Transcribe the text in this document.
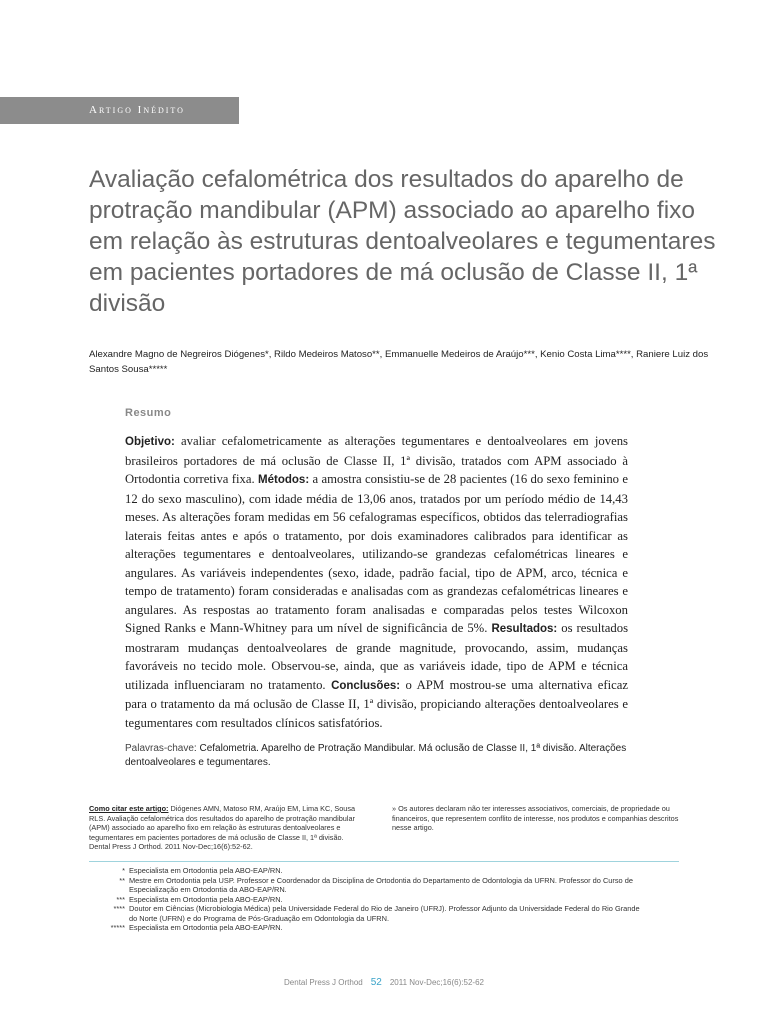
Artigo Inédito
Avaliação cefalométrica dos resultados do aparelho de protração mandibular (APM) associado ao aparelho fixo em relação às estruturas dentoalveolares e tegumentares em pacientes portadores de má oclusão de Classe II, 1ª divisão
Alexandre Magno de Negreiros Diógenes*, Rildo Medeiros Matoso**, Emmanuelle Medeiros de Araújo***, Kenio Costa Lima****, Raniere Luiz dos Santos Sousa*****
Resumo

Objetivo: avaliar cefalometricamente as alterações tegumentares e dentoalveolares em jovens brasileiros portadores de má oclusão de Classe II, 1ª divisão, tratados com APM associado à Ortodontia corretiva fixa. Métodos: a amostra consistiu-se de 28 pacientes (16 do sexo feminino e 12 do sexo masculino), com idade média de 13,06 anos, tratados por um período médio de 14,43 meses. As alterações foram medidas em 56 cefalogramas específicos, obtidos das telerradiografias laterais feitas antes e após o tratamento, por dois examinadores calibrados para identificar as alterações tegumentares e dentoalveolares, utilizando-se grandezas cefalométricas lineares e angulares. As variáveis independentes (sexo, idade, padrão facial, tipo de APM, arco, técnica e tempo de tratamento) foram consideradas e analisadas com as grandezas cefalométricas lineares e angulares. As respostas ao tratamento foram analisadas e comparadas pelos testes Wilcoxon Signed Ranks e Mann-Whitney para um nível de significância de 5%. Resultados: os resultados mostraram mudanças dentoalveolares de grande magnitude, provocando, assim, mudanças favoráveis no tecido mole. Observou-se, ainda, que as variáveis idade, tipo de APM e técnica utilizada influenciaram no tratamento. Conclusões: o APM mostrou-se uma alternativa eficaz para o tratamento da má oclusão de Classe II, 1ª divisão, propiciando alterações dentoalveolares e tegumentares com resultados clínicos satisfatórios.

Palavras-chave: Cefalometria. Aparelho de Protração Mandibular. Má oclusão de Classe II, 1ª divisão. Alterações dentoalveolares e tegumentares.
Como citar este artigo: Diógenes AMN, Matoso RM, Araújo EM, Lima KC, Sousa RLS. Avaliação cefalométrica dos resultados do aparelho de protração mandibular (APM) associado ao aparelho fixo em relação às estruturas dentoalveolares e tegumentares em pacientes portadores de má oclusão de Classe II, 1ª divisão. Dental Press J Orthod. 2011 Nov-Dec;16(6):52-62.
» Os autores declaram não ter interesses associativos, comerciais, de propriedade ou financeiros, que representem conflito de interesse, nos produtos e companhias descritos nesse artigo.
* Especialista em Ortodontia pela ABO-EAP/RN.
** Mestre em Ortodontia pela USP. Professor e Coordenador da Disciplina de Ortodontia do Departamento de Odontologia da UFRN. Professor do Curso de Especialização em Ortodontia da ABO-EAP/RN.
*** Especialista em Ortodontia pela ABO-EAP/RN.
**** Doutor em Ciências (Microbiologia Médica) pela Universidade Federal do Rio de Janeiro (UFRJ). Professor Adjunto da Universidade Federal do Rio Grande do Norte (UFRN) e do Programa de Pós-Graduação em Odontologia da UFRN.
***** Especialista em Ortodontia pela ABO-EAP/RN.
Dental Press J Orthod 52 2011 Nov-Dec;16(6):52-62
